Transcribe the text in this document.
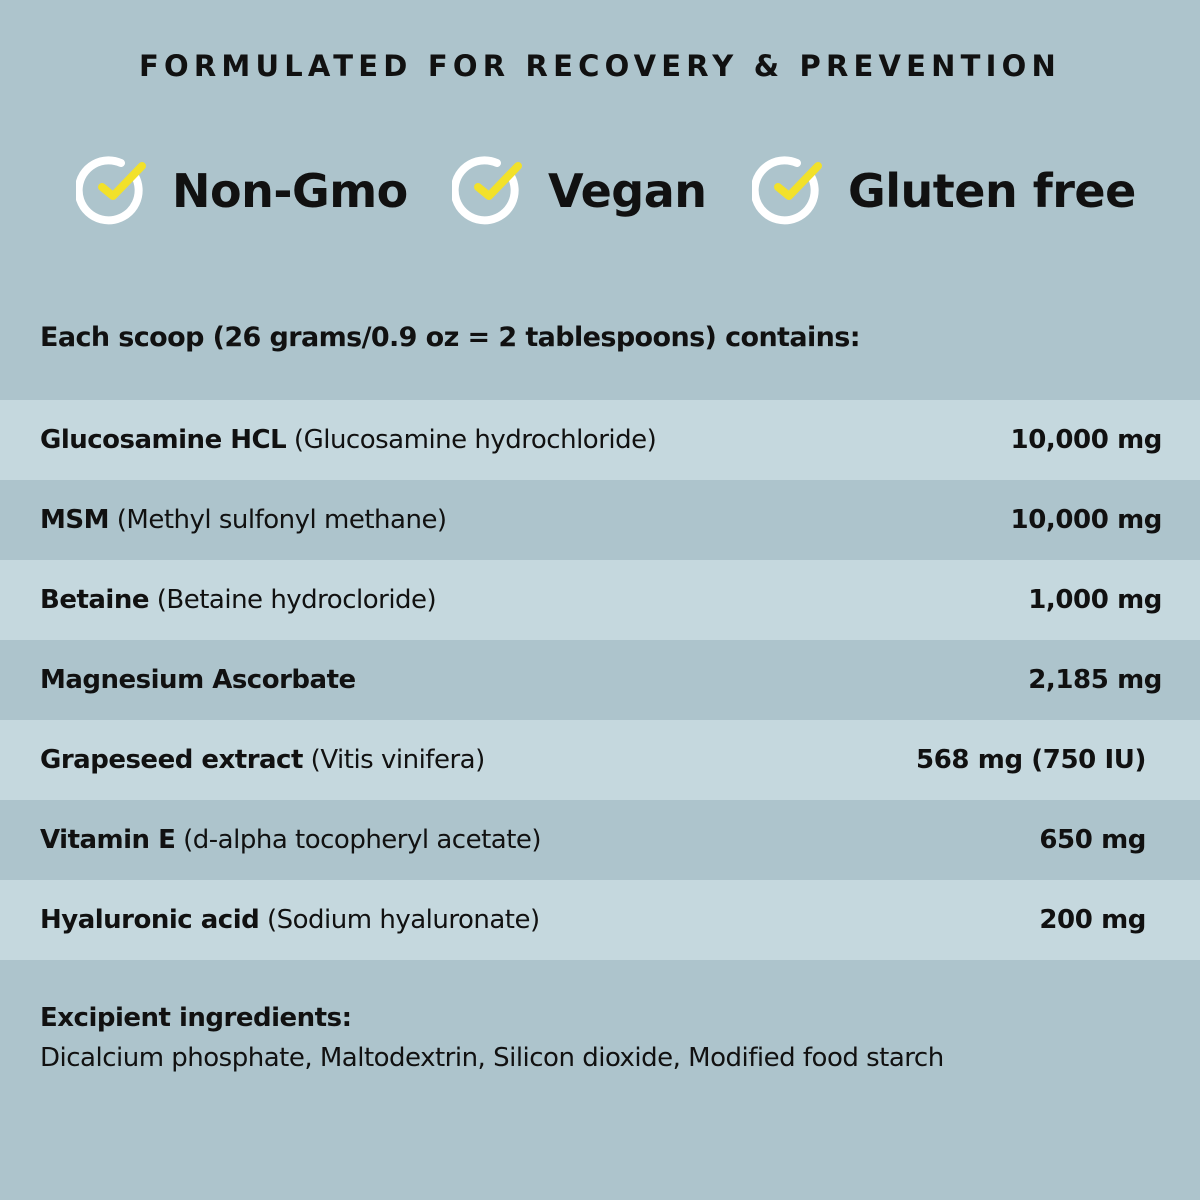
FORMULATED FOR RECOVERY & PREVENTION
Non-Gmo	Vegan	Gluten free

Each scoop (26 grams/0.9 oz = 2 tablespoons) contains:

Glucosamine HCL (Glucosamine hydrochloride)	10,000 mg
MSM (Methyl sulfonyl methane)	10,000 mg
Betaine (Betaine hydrocloride)	1,000 mg
Magnesium Ascorbate	2,185 mg
Grapeseed extract (Vitis vinifera)	568 mg (750 IU)
Vitamin E (d-alpha tocopheryl acetate)	650 mg
Hyaluronic acid (Sodium hyaluronate)	200 mg
Excipient ingredients:
Dicalcium phosphate, Maltodextrin, Silicon dioxide, Modified food starch
